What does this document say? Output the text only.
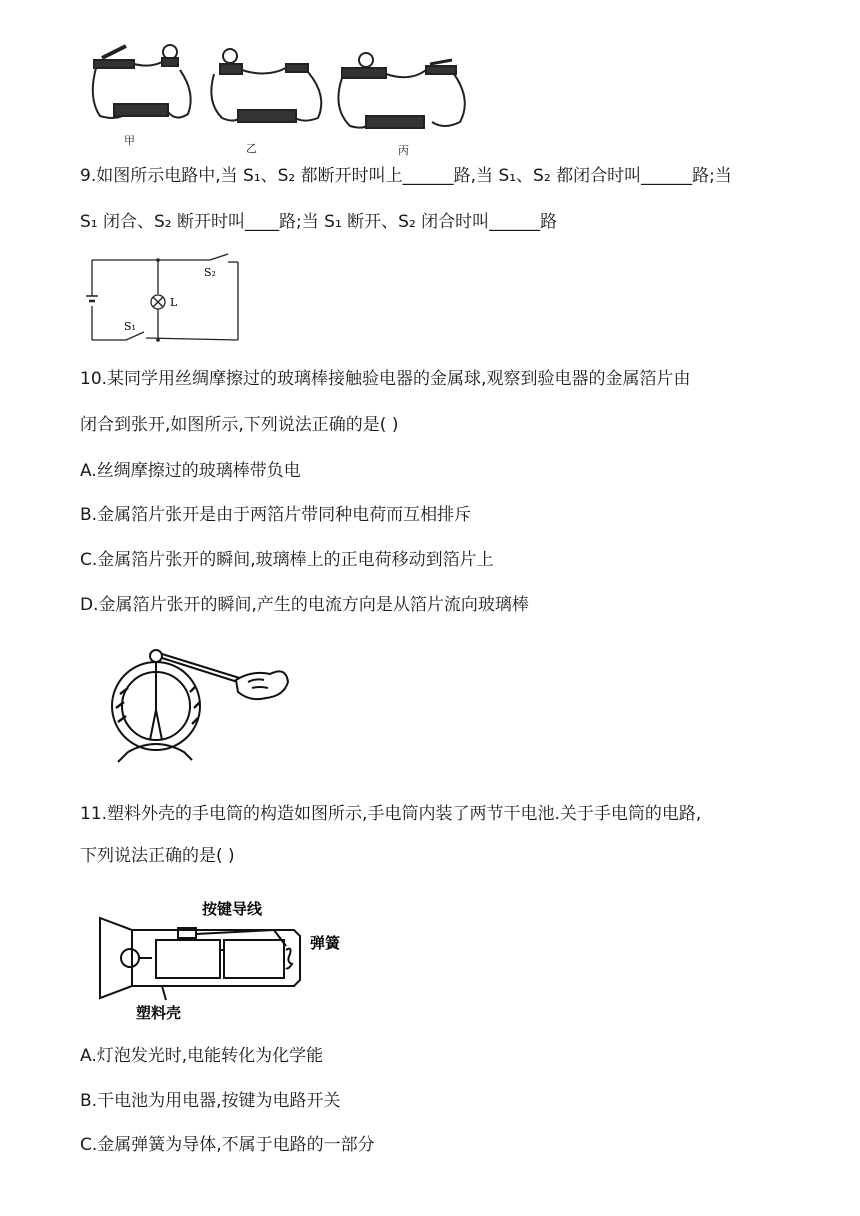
甲
乙	丙
9.如图所示电路中,当 S₁、S₂ 都断开时叫上______路,当 S₁、S₂ 都闭合时叫______路;当
S₁ 闭合、S₂ 断开时叫____路;当 S₁ 断开、S₂ 闭合时叫______路
S₂
L
S₁
10.某同学用丝绸摩擦过的玻璃棒接触验电器的金属球,观察到验电器的金属箔片由
闭合到张开,如图所示,下列说法正确的是( )
A.丝绸摩擦过的玻璃棒带负电
B.金属箔片张开是由于两箔片带同种电荷而互相排斥
C.金属箔片张开的瞬间,玻璃棒上的正电荷移动到箔片上
D.金属箔片张开的瞬间,产生的电流方向是从箔片流向玻璃棒
11.塑料外壳的手电筒的构造如图所示,手电筒内装了两节干电池.关于手电筒的电路,
下列说法正确的是( )
按键导线
弹簧
塑料壳
A.灯泡发光时,电能转化为化学能
B.干电池为用电器,按键为电路开关
C.金属弹簧为导体,不属于电路的一部分
